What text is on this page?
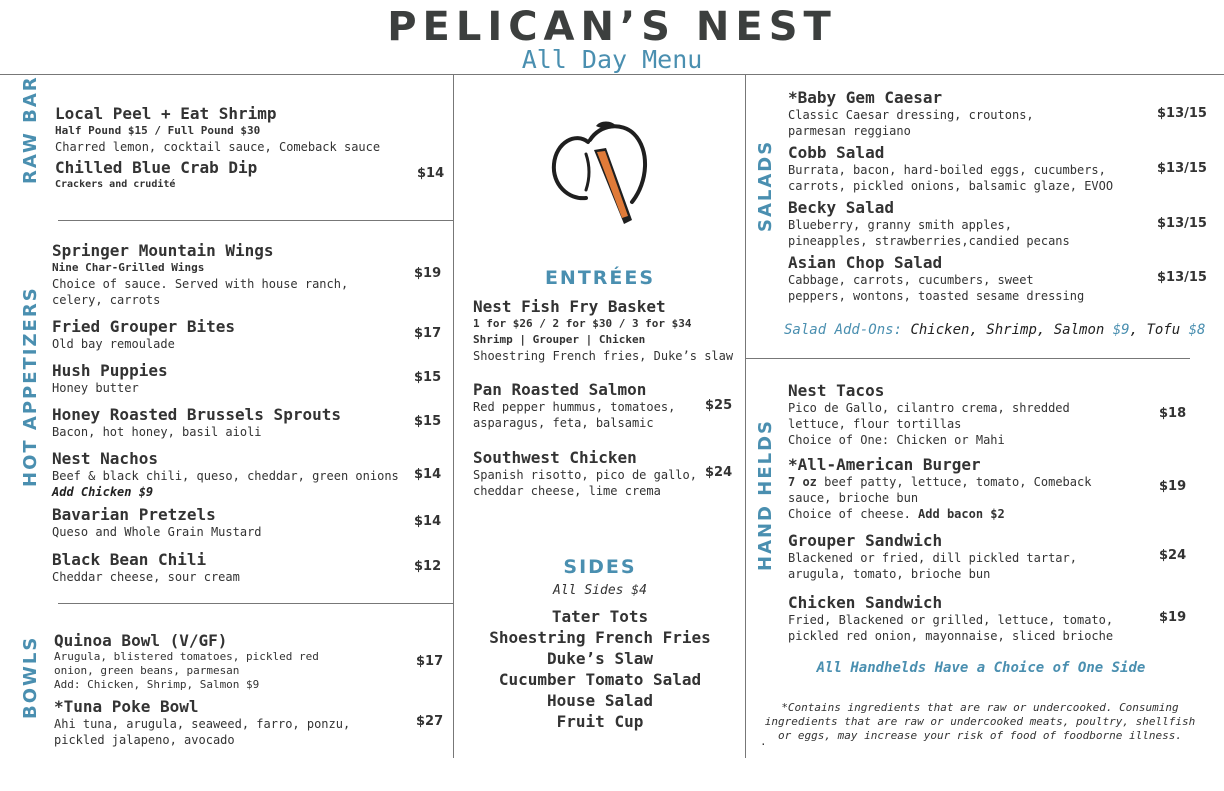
PELICAN’S NEST
All Day Menu
RAW BAR Local Peel + Eat Shrimp
Half Pound $15 / Full Pound $30
Charred lemon, cocktail sauce, Comeback sauce
Chilled Blue Crab Dip
Crackers and crudité
$14
HOT APPETIZERS
Springer Mountain Wings
Nine Char-Grilled Wings
Choice of sauce. Served with house ranch, celery, carrots
$19
Fried Grouper Bites
Old bay remoulade
$17
Hush Puppies
Honey butter
$15
Honey Roasted Brussels Sprouts
Bacon, hot honey, basil aioli
$15
Nest Nachos
Beef & black chili, queso, cheddar, green onions
Add Chicken $9
$14
Bavarian Pretzels
Queso and Whole Grain Mustard
$14
Black Bean Chili
Cheddar cheese, sour cream
$12
BOWLS Quinoa Bowl (V/GF)
Arugula, blistered tomatoes, pickled red onion, green beans, parmesan
Add: Chicken, Shrimp, Salmon $9
$17
*Tuna Poke Bowl
Ahi tuna, arugula, seaweed, farro, ponzu, pickled jalapeno, avocado
$27
ENTRÉES
Nest Fish Fry Basket
1 for $26 / 2 for $30 / 3 for $34
Shrimp | Grouper | Chicken
Shoestring French fries, Duke’s slaw
Pan Roasted Salmon
Red pepper hummus, tomatoes, asparagus, feta, balsamic
$25
Southwest Chicken
Spanish risotto, pico de gallo, cheddar cheese, lime crema
$24
SIDES
All Sides $4
Tater Tots
Shoestring French Fries
Duke’s Slaw
Cucumber Tomato Salad
House Salad
Fruit Cup
SALADS
*Baby Gem Caesar
Classic Caesar dressing, croutons, parmesan reggiano
$13/15
Cobb Salad
Burrata, bacon, hard-boiled eggs, cucumbers, carrots, pickled onions, balsamic glaze, EVOO
$13/15
Becky Salad
Blueberry, granny smith apples, pineapples, strawberries,candied pecans
$13/15
Asian Chop Salad
Cabbage, carrots, cucumbers, sweet peppers, wontons, toasted sesame dressing
$13/15
Salad Add-Ons: Chicken, Shrimp, Salmon $9, Tofu $8
HAND HELDS
Nest Tacos
Pico de Gallo, cilantro crema, shredded lettuce, flour tortillas
Choice of One: Chicken or Mahi
$18
*All-American Burger
7 oz beef patty, lettuce, tomato, Comeback sauce, brioche bun
Choice of cheese. Add bacon $2
$19
Grouper Sandwich
Blackened or fried, dill pickled tartar, arugula, tomato, brioche bun
$24
Chicken Sandwich
Fried, Blackened or grilled, lettuce, tomato, pickled red onion, mayonnaise, sliced brioche
$19
All Handhelds Have a Choice of One Side
*Contains ingredients that are raw or undercooked. Consuming ingredients that are raw or undercooked meats, poultry, shellfish or eggs, may increase your risk of food of foodborne illness.
.
